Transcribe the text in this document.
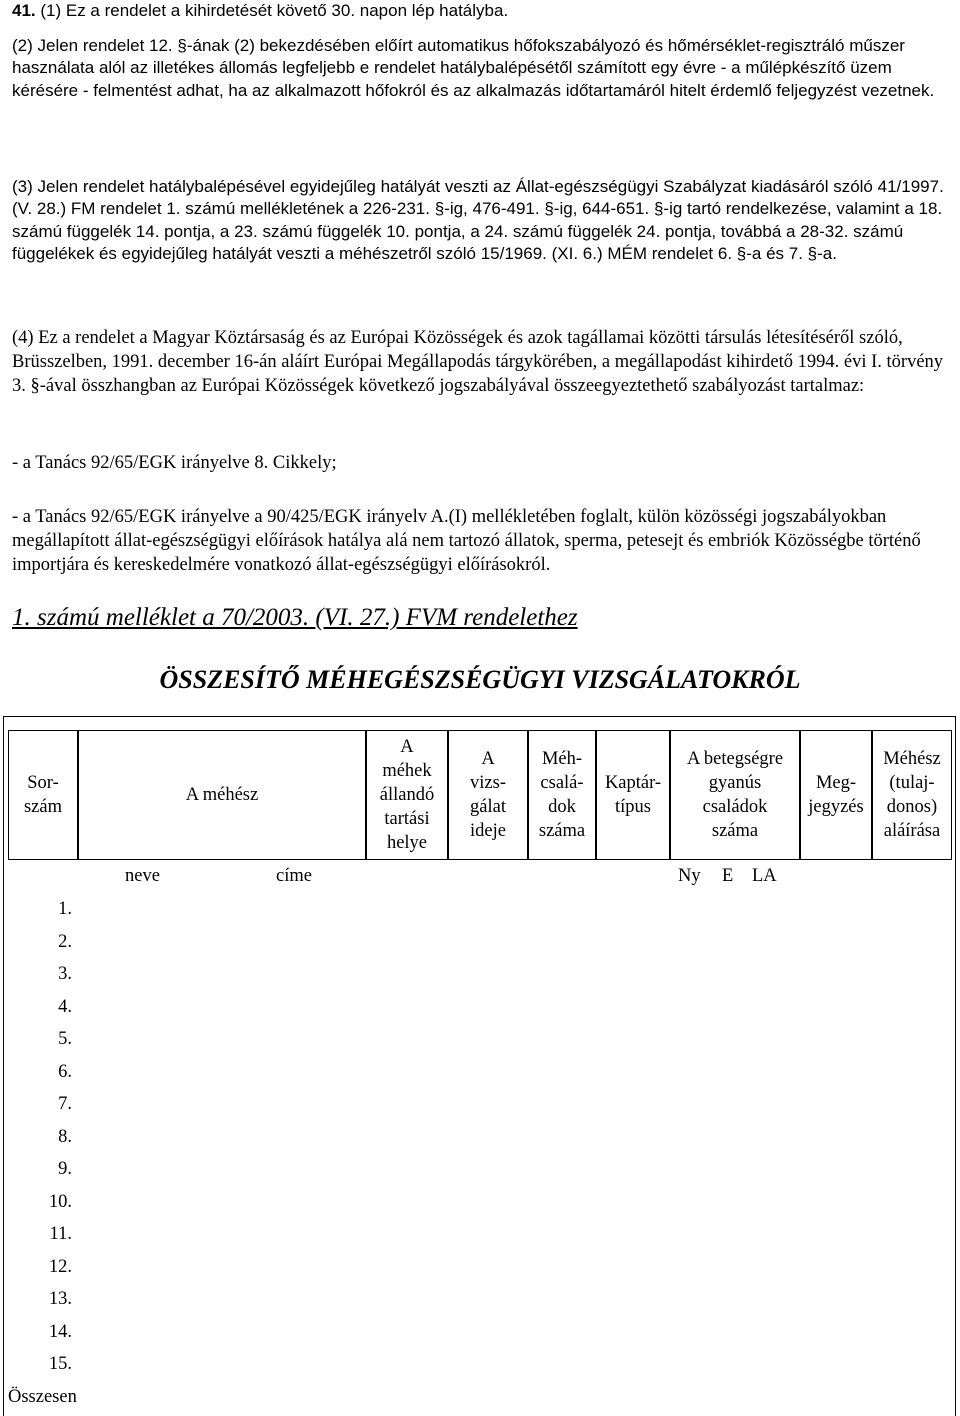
41. (1) Ez a rendelet a kihirdetését követő 30. napon lép hatályba.

(2) Jelen rendelet 12. §-ának (2) bekezdésében előírt automatikus hőfokszabályozó és hőmérséklet-regisztráló műszer használata alól az illetékes állomás legfeljebb e rendelet hatálybalépésétől számított egy évre - a műlépkészítő üzem kérésére - felmentést adhat, ha az alkalmazott hőfokról és az alkalmazás időtartamáról hitelt érdemlő feljegyzést vezetnek.

(3) Jelen rendelet hatálybalépésével egyidejűleg hatályát veszti az Állat-egészségügyi Szabályzat kiadásáról szóló 41/1997. (V. 28.) FM rendelet 1. számú mellékletének a 226-231. §-ig, 476-491. §-ig, 644-651. §-ig tartó rendelkezése, valamint a 18. számú függelék 14. pontja, a 23. számú függelék 10. pontja, a 24. számú függelék 24. pontja, továbbá a 28-32. számú függelékek és egyidejűleg hatályát veszti a méhészetről szóló 15/1969. (XI. 6.) MÉM rendelet 6. §-a és 7. §-a.

(4) Ez a rendelet a Magyar Köztársaság és az Európai Közösségek és azok tagállamai közötti társulás létesítéséről szóló, Brüsszelben, 1991. december 16-án aláírt Európai Megállapodás tárgykörében, a megállapodást kihirdető 1994. évi I. törvény 3. §-ával összhangban az Európai Közösségek következő jogszabályával összeegyeztethető szabályozást tartalmaz:

- a Tanács 92/65/EGK irányelve 8. Cikkely;

- a Tanács 92/65/EGK irányelve a 90/425/EGK irányelv A.(I) mellékletében foglalt, külön közösségi jogszabályokban megállapított állat-egészségügyi előírások hatálya alá nem tartozó állatok, sperma, petesejt és embriók Közösségbe történő importjára és kereskedelmére vonatkozó állat-egészségügyi előírásokról.

1. számú melléklet a 70/2003. (VI. 27.) FVM rendelethez
ÖSSZESÍTŐ MÉHEGÉSZSÉGÜGYI VIZSGÁLATOKRÓL
Sor-
szám
A méhész
A
méhek
állandó
tartási
helye
A
vizs-
gálat
ideje
Méh-
csalá-
dok
száma
Kaptár-
típus
A betegségre
gyanús
családok
száma
Meg-
jegyzés
Méhész
(tulaj-
donos)
aláírása
neve	címe	Ny E LA
1.
2.
3.
4.
5.
6.
7.
8.
9.
10.
11.
12.
13.
14.
15.
Összesen
